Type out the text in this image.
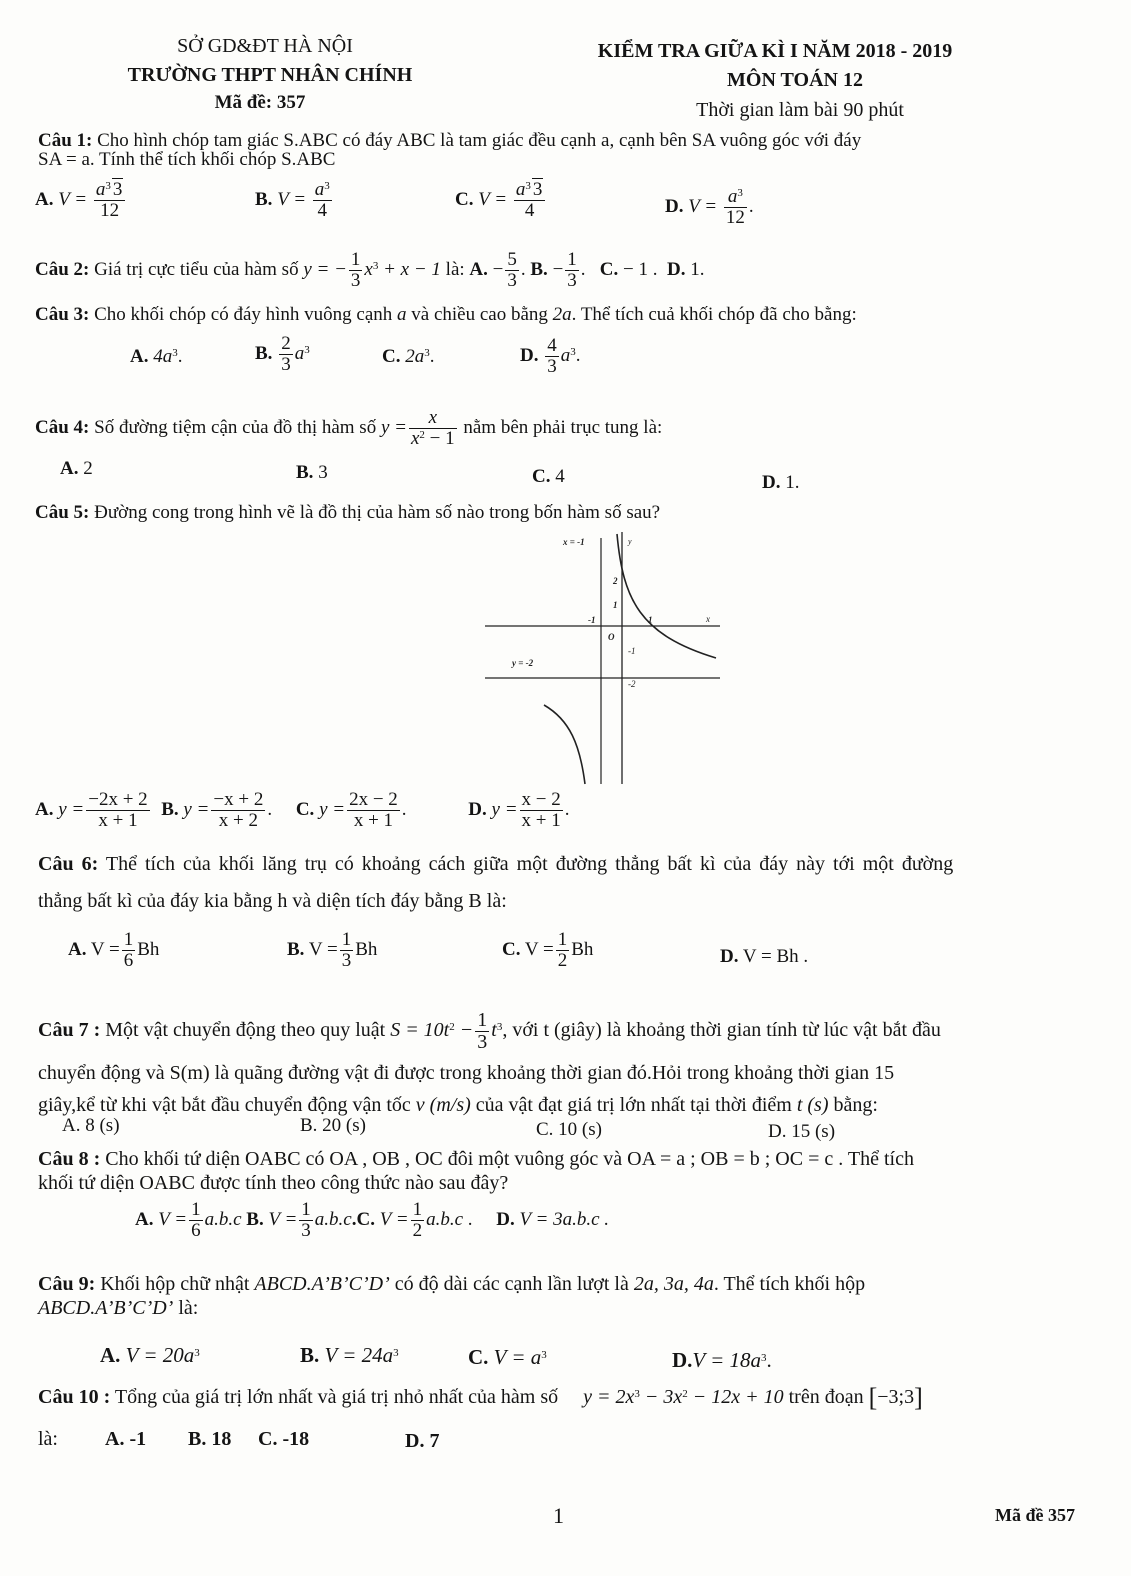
SỞ GD&ĐT HÀ NỘI
TRƯỜNG THPT NHÂN CHÍNH
Mã đề: 357
KIỂM TRA GIỮA KÌ I NĂM 2018 - 2019
MÔN TOÁN 12
Thời gian làm bài 90 phút
Câu 1: Cho hình chóp tam giác S.ABC có đáy ABC là tam giác đều cạnh a, cạnh bên SA vuông góc với đáy
SA = a. Tính thể tích khối chóp S.ABC
A. $V = \frac{a^3 3}{12}$	B. $V = \frac{a^3}{4}$	C. $V = \frac{a^3 3}{4}$	D. $V = \frac{a^3}{12}$ .
Câu 2: Giá trị cực tiểu của hàm số y = − $\frac{1}{3} x^3 + x - 1$ là: A. − $\frac{5}{3}$ . B. − $\frac{1}{3}$ .   C. − 1 . D. 1.
Câu 3: Cho khối chóp có đáy hình vuông cạnh a và chiều cao bằng 2a. Thể tích cuả khối chóp đã cho bằng:
A. $4a^3$.	B. $\frac{2}{3} a^3$	C. $2a^3$.	D. $\frac{4}{3} a^3$.
Câu 4: Số đường tiệm cận của đồ thị hàm số $y = \frac{x}{x^2 - 1}$ nằm bên phải trục tung là:
A. 2	B. 3	C. 4	D. 1.
Câu 5: Đường cong trong hình vẽ là đồ thị của hàm số nào trong bốn hàm số sau?
x = -1	y
x
2
1
-1	1
O
-1
-2
y = -2
A. $y = \frac{-2x + 2}{x + 1} B$. $y = \frac{-x + 2}{x + 2}$ . C. $y = \frac{2x - 2}{x + 1}$ .	D. $y = \frac{x - 2}{x + 1}$ .
Câu 6: Thể tích của khối lăng trụ có khoảng cách giữa một đường thẳng bất kì của đáy này tới một đường
thẳng bất kì của đáy kia bằng h và diện tích đáy bằng B là:
A. $V = \frac{1}{6}$ Bh	B. $V = \frac{1}{3}$ Bh	C. $V = \frac{1}{2}$ Bh	D. V = Bh .
Câu 7 : Một vật chuyển động theo quy luật $S = 10t^2 - \frac{1}{3} t^3$, với t (giây) là khoảng thời gian tính từ lúc vật bắt đầu
chuyển động và S(m) là quãng đường vật đi được trong khoảng thời gian đó.Hỏi trong khoảng thời gian 15
giây,kể từ khi vật bắt đầu chuyển động vận tốc v (m/s) của vật đạt giá trị lớn nhất tại thời điểm t (s) bằng:
A. 8 (s)	B. 20 (s)	C. 10 (s)	D. 15 (s)
Câu 8 : Cho khối tứ diện OABC có OA , OB , OC đôi một vuông góc và OA = a ; OB = b ; OC = c . Thể tích
khối tứ diện OABC được tính theo công thức nào sau đây?
A. $V = \frac{1}{6} a.b.c$ B. $V = \frac{1}{3} a.b.c.C$. $V = \frac{1}{2} a.b.c$ . D. V = 3a.b.c .
Câu 9: Khối hộp chữ nhật ABCD.A’B’C’D’ có độ dài các cạnh lần lượt là 2a, 3a, 4a. Thể tích khối hộp
ABCD.A’B’C’D’ là:
A. $V = 20a^3$	B. $V = 24a^3$	C. $V = a^3$	$D.V = 18a^3$.
Câu 10 : Tổng của giá trị lớn nhất và giá trị nhỏ nhất của hàm số $y = 2x^3 - 3x^2 - 12x + 10$ trên đoạn [−3;3]
là: A. -1 B. 18 C. -18	D. 7
1	Mã đề 357
